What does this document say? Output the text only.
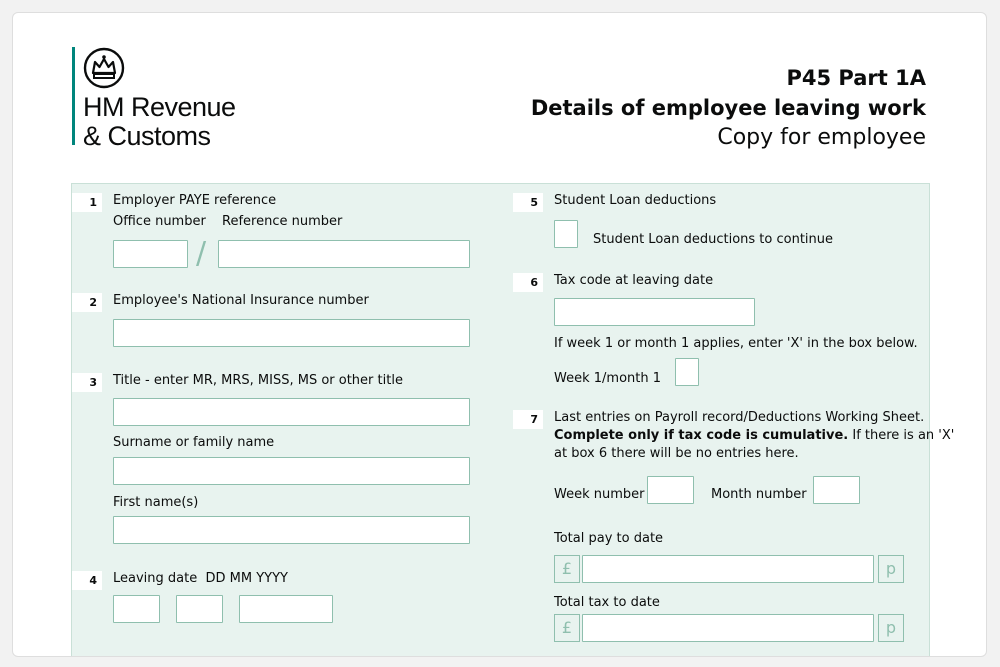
HM Revenue
& Customs
P45 Part 1A
Details of employee leaving work
Copy for employee
1	Employer PAYE reference
Office number Reference number
/
2	Employee's National Insurance number
3	Title - enter MR, MRS, MISS, MS or other title
Surname or family name
First name(s)
4	Leaving date  DD MM YYYY
5	Student Loan deductions
Student Loan deductions to continue
6	Tax code at leaving date
If week 1 or month 1 applies, enter 'X' in the box below.
Week 1/month 1
7	Last entries on Payroll record/Deductions Working Sheet.
Complete only if tax code is cumulative. If there is an 'X'
at box 6 there will be no entries here.
Week number	Month number
Total pay to date
£	p
Total tax to date
£	p
